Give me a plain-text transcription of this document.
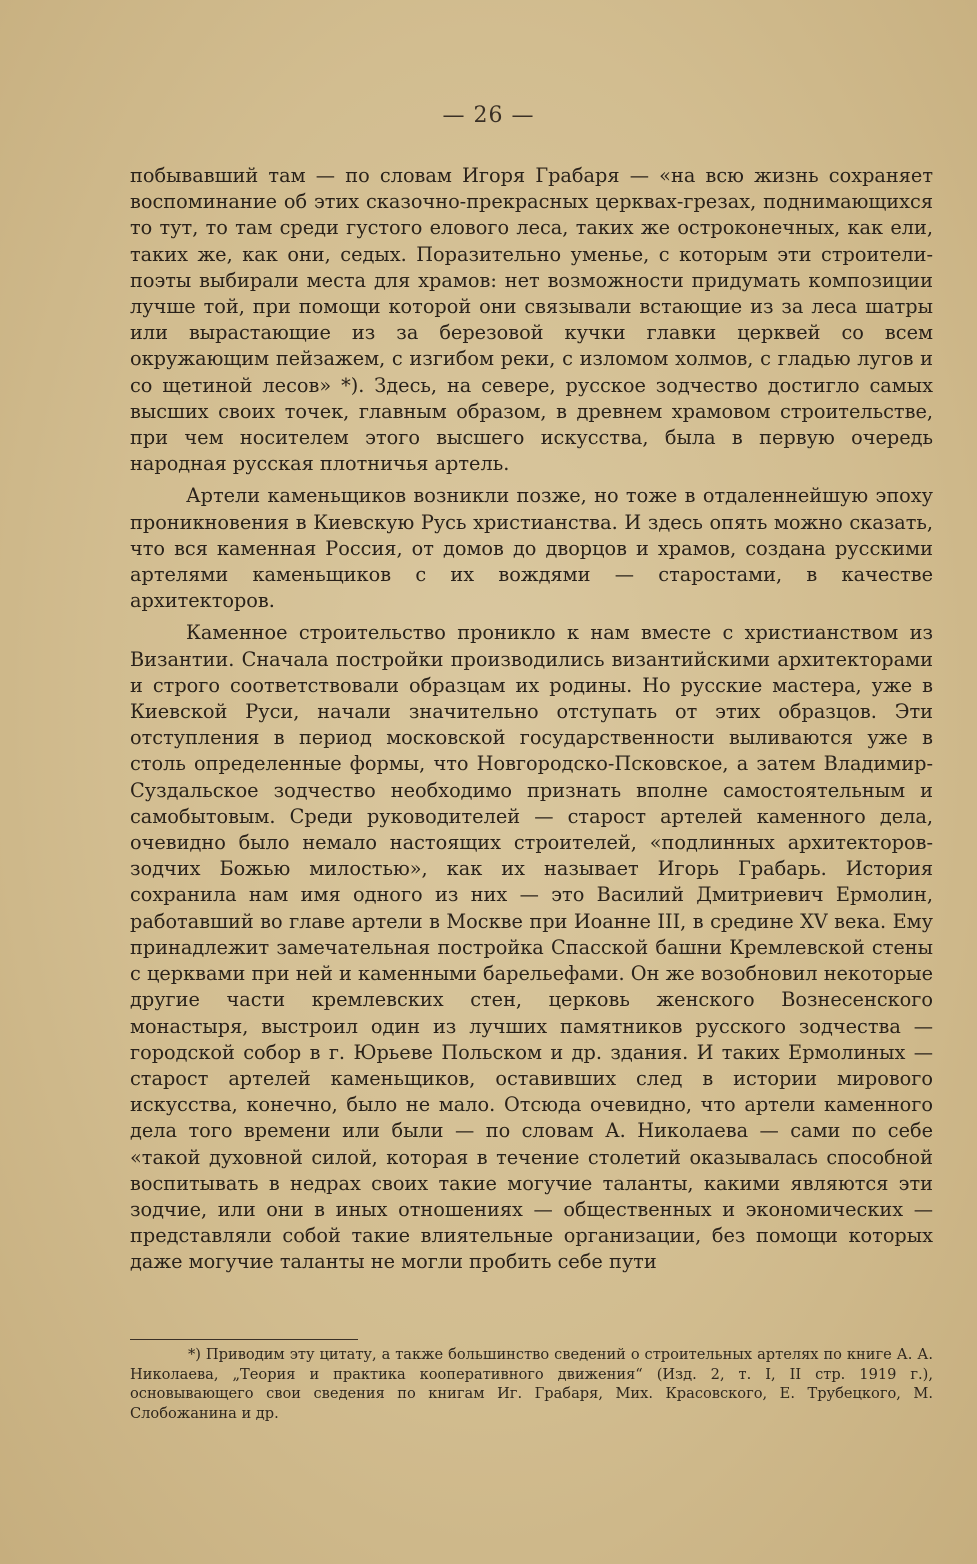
— 26 —

побывавший там — по словам Игоря Грабаря — «на всю жизнь сохраняет воспоминание об этих сказочно-прекрасных церквах-грезах, поднимающихся то тут, то там среди густого елового леса, таких же остроконечных, как ели, таких же, как они, седых. Поразительно уменье, с которым эти строители-поэты выбирали места для храмов: нет возможности придумать композиции лучше той, при помощи которой они связывали встающие из за леса шатры или вырастающие из за березовой кучки главки церквей со всем окружающим пейзажем, с изгибом реки, с изломом холмов, с гладью лугов и со щетиной лесов» *). Здесь, на севере, русское зодчество достигло самых высших своих точек, главным образом, в древнем храмовом строительстве, при чем носителем этого высшего искусства, была в первую очередь народная русская плотничья артель.

Артели каменьщиков возникли позже, но тоже в отдаленнейшую эпоху проникновения в Киевскую Русь христианства. И здесь опять можно сказать, что вся каменная Россия, от домов до дворцов и храмов, создана русскими артелями каменьщиков с их вождями — старостами, в качестве архитекторов.

Каменное строительство проникло к нам вместе с христианством из Византии. Сначала постройки производились византийскими архитекторами и строго соответствовали образцам их родины. Но русские мастера, уже в Киевской Руси, начали значительно отступать от этих образцов. Эти отступления в период московской государственности выливаются уже в столь определенные формы, что Новгородско-Псковское, а затем Владимир-Суздальское зодчество необходимо признать вполне самостоятельным и самобытовым. Среди руководителей — старост артелей каменного дела, очевидно было немало настоящих строителей, «подлинных архитекторов-зодчих Божью милостью», как их называет Игорь Грабарь. История сохранила нам имя одного из них — это Василий Дмитриевич Ермолин, работавший во главе артели в Москве при Иоанне III, в средине XV века. Ему принадлежит замечательная постройка Спасской башни Кремлевской стены с церквами при ней и каменными барельефами. Он же возобновил некоторые другие части кремлевских стен, церковь женского Вознесенского монастыря, выстроил один из лучших памятников русского зодчества — городской собор в г. Юрьеве Польском и др. здания. И таких Ермолиных — старост артелей каменьщиков, оставивших след в истории мирового искусства, конечно, было не мало. Отсюда очевидно, что артели каменного дела того времени или были — по словам А. Николаева — сами по себе «такой духовной силой, которая в течение столетий оказывалась способной воспитывать в недрах своих такие могучие таланты, какими являются эти зодчие, или они в иных отношениях — общественных и экономических — представляли собой такие влиятельные организации, без помощи которых даже могучие таланты не могли пробить себе пути

*) Приводим эту цитату, а также большинство сведений о строительных артелях по книге А. А. Николаева, „Теория и практика кооперативного движения“ (Изд. 2, т. I, II стр. 1919 г.), основывающего свои сведения по книгам Иг. Грабаря, Мих. Красовского, Е. Трубецкого, М. Слобожанина и др.
